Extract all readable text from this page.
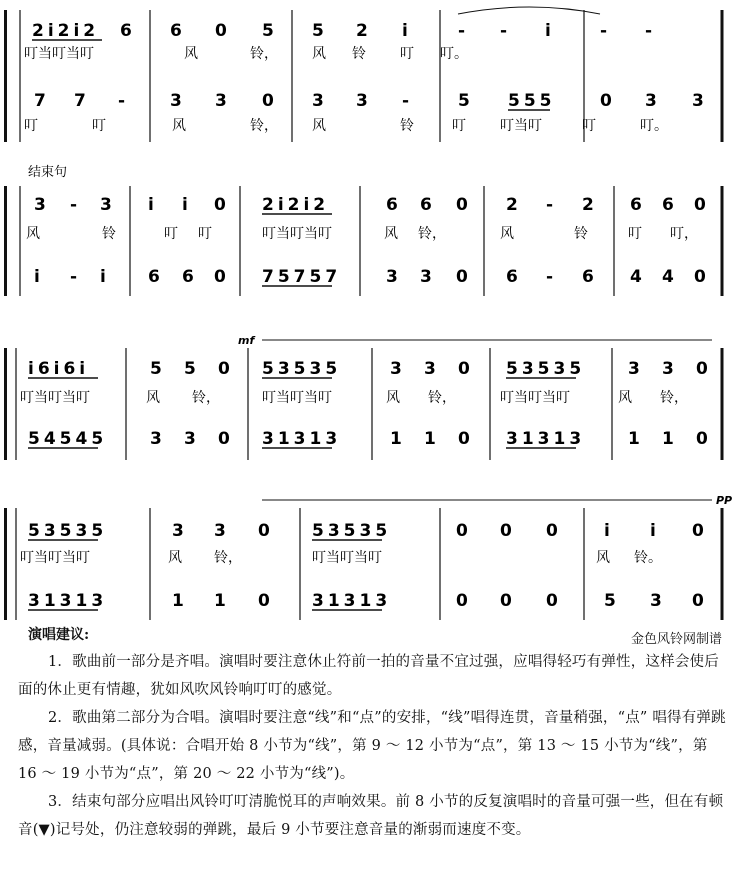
2i2i2 6 6 0 5 5 2 i	- - i	- -
7 7 -	3 3 0 3 3 -	5 555	0 3 3
叮当叮当叮	风	铃， 风 铃 叮 叮。
叮	叮	风	铃， 风	铃	叮 叮当叮	叮	叮。
3 - 3 i i 0 2i2i2	6 6 0 2 - 2 6 6 0
i - i 6 6 0 75757	3 3 0 6 - 6 4 4 0
风	铃	叮 叮	叮当叮当叮	风 铃，	风	铃	叮 叮，
结束句
i6i6i	5 5 0 53535	3 3 0 53535	3 3 0
54545	3 3 0 31313	1 1 0 31313	1 1 0
叮当叮当叮	风 铃，	叮当叮当叮	风 铃，	叮当叮当叮	风 铃，
mf
53535	3 3 0 53535	0 0 0	i i 0
31313	1 1 0 31313	0 0 0	5 3 0
叮当叮当叮	风 铃，	叮当叮当叮	风 铃。
PP
演唱建议:

1．歌曲前一部分是齐唱。演唱时要注意休止符前一拍的音量不宜过强，应唱得轻巧有弹性，这样会使后面的休止更有情趣，犹如风吹风铃响叮叮的感觉。

2．歌曲第二部分为合唱。演唱时要注意“线”和“点”的安排，“线”唱得连贯，音量稍强，“点” 唱得有弹跳感，音量减弱。(具体说：合唱开始 8 小节为“线”，第 9 ～ 12 小节为“点”，第 13 ～ 15 小节为“线”，第 16 ～ 19 小节为“点”，第 20 ～ 22 小节为“线”)。

3．结束句部分应唱出风铃叮叮清脆悦耳的声响效果。前 8 小节的反复演唱时的音量可强一些，但在有顿音(▼)记号处，仍注意较弱的弹跳，最后 9 小节要注意音量的渐弱而速度不变。

金色风铃网制谱
